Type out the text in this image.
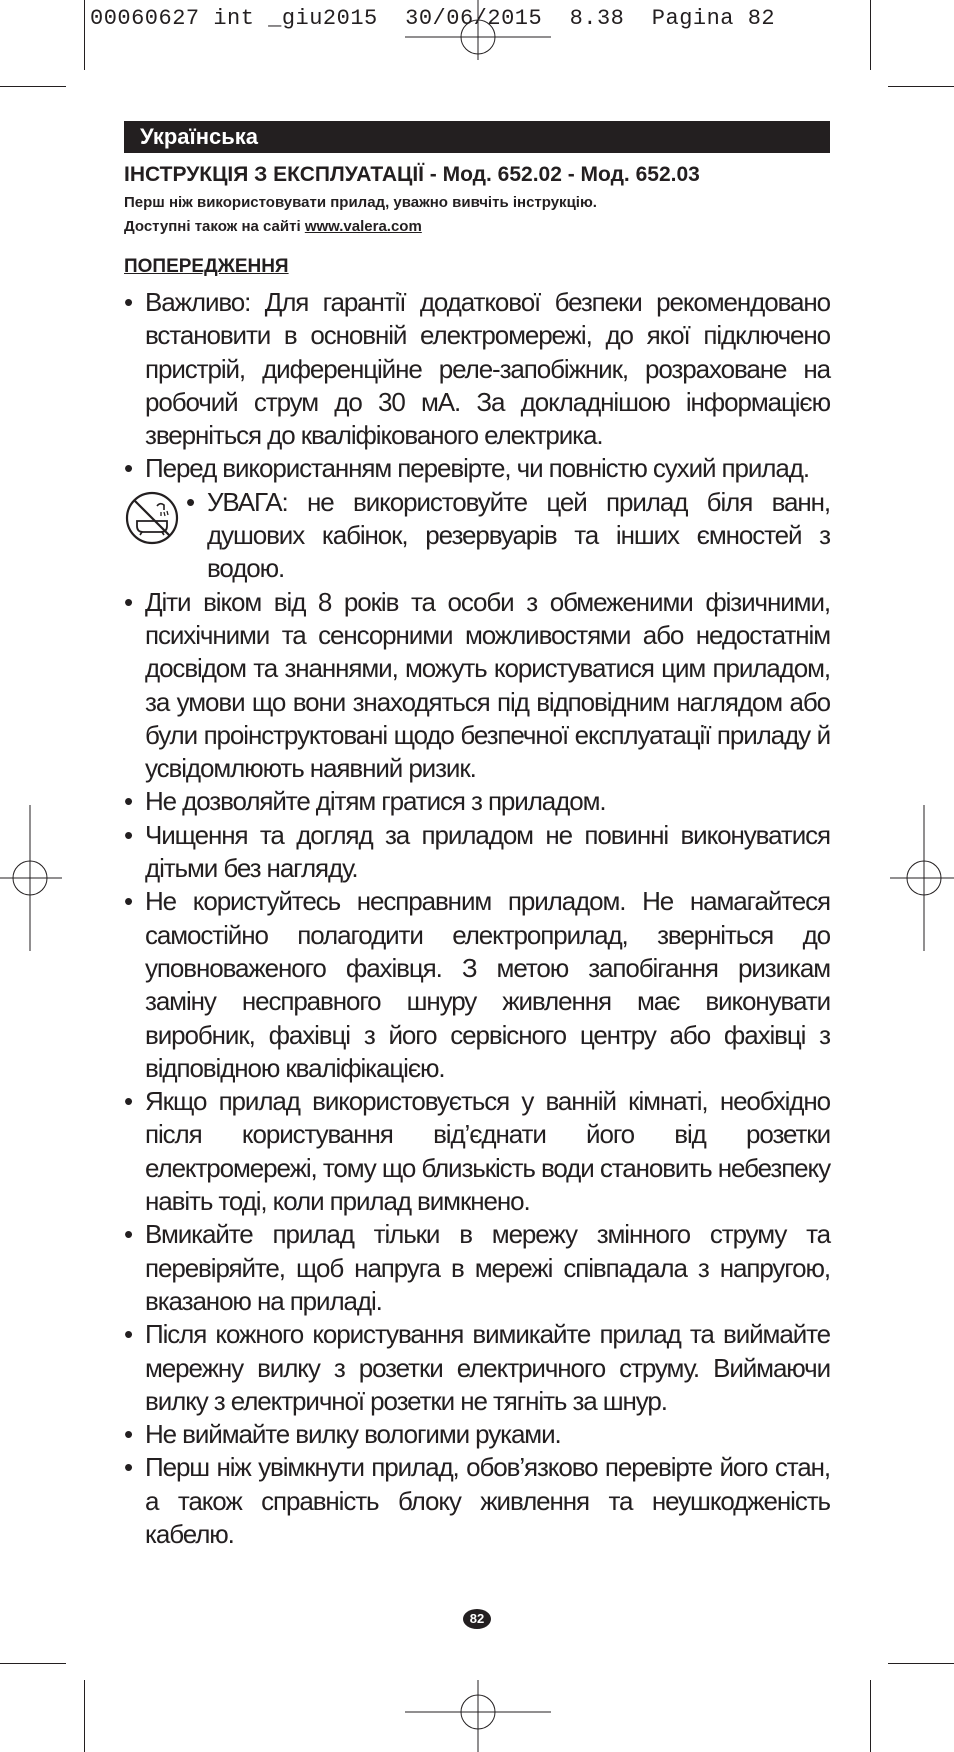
00060627 int _giu2015  30/06/2015  8.38  Pagina 82
Українська
ІНСТРУКЦІЯ З ЕКСПЛУАТАЦІЇ - Мод. 652.02 - Мод. 652.03
Перш ніж використовувати прилад, уважно вивчіть інструкцію.
Доступні також на сайті www.valera.com
ПОПЕРЕДЖЕННЯ
• Важливо: Для гарантії додаткової безпеки рекомендовано встановити в основній електромережі, до якої підключено пристрій, диференційне реле-запобіжник, розраховане на робочий струм до 30 мА. За докладнішою інформацією зверніться до кваліфікованого електрика.
• Перед використанням перевірте, чи повністю сухий прилад.
• УВАГА: не використовуйте цей прилад біля ванн, душових кабінок, резервуарів та інших ємностей з водою.
• Діти віком від 8 років та особи з обмеженими фізичними, психічними та сенсорними можливостями або недостатнім досвідом та знаннями, можуть користуватися цим приладом, за умови що вони знаходяться під відповідним наглядом або були проінструктовані щодо безпечної експлуатації приладу й усвідомлюють наявний ризик.
• Не дозволяйте дітям гратися з приладом.
• Чищення та догляд за приладом не повинні виконуватися дітьми без нагляду.
• Не користуйтесь несправним приладом. Не намагайтеся самостійно полагодити електроприлад, зверніться до уповноваженого фахівця. З метою запобігання ризикам заміну несправного шнуру живлення має виконувати виробник, фахівці з його сервісного центру або фахівці з відповідною кваліфікацією.
• Якщо прилад використовується у ванній кімнаті, необхідно після користування від’єднати його від розетки електромережі, тому що близькість води становить небезпеку навіть тоді, коли прилад вимкнено.
• Вмикайте прилад тільки в мережу змінного струму та перевіряйте, щоб напруга в мережі співпадала з напругою, вказаною на приладі.
• Після кожного користування вимикайте прилад та виймайте мережну вилку з розетки електричного струму. Виймаючи вилку з електричної розетки не тягніть за шнур.
• Не виймайте вилку вологими руками.
• Перш ніж увімкнути прилад, обов’язково перевірте його стан, а також справність блоку живлення та неушкодженість кабелю.
82
